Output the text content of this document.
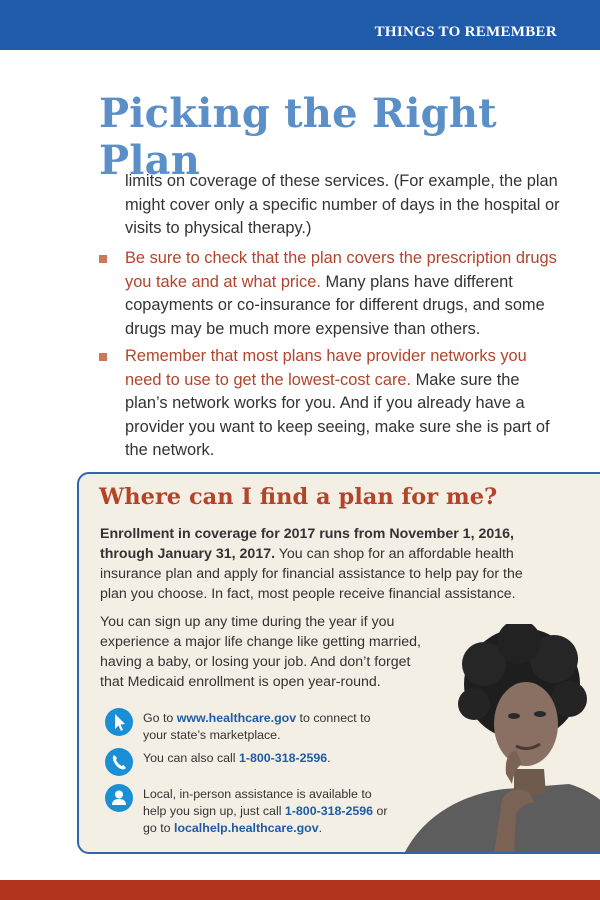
THINGS TO REMEMBER
Picking the Right Plan
limits on coverage of these services. (For example, the plan might cover only a specific number of days in the hospital or visits to physical therapy.)
Be sure to check that the plan covers the prescription drugs you take and at what price. Many plans have different copayments or co-insurance for different drugs, and some drugs may be much more expensive than others.
Remember that most plans have provider networks you need to use to get the lowest-cost care. Make sure the plan’s network works for you. And if you already have a provider you want to keep seeing, make sure she is part of the network.
Where can I find a plan for me?
Enrollment in coverage for 2017 runs from November 1, 2016, through January 31, 2017. You can shop for an affordable health insurance plan and apply for financial assistance to help pay for the plan you choose. In fact, most people receive financial assistance.
You can sign up any time during the year if you experience a major life change like getting married, having a baby, or losing your job. And don’t forget that Medicaid enrollment is open year-round.
Go to www.healthcare.gov to connect to your state’s marketplace.
You can also call 1-800-318-2596.
Local, in-person assistance is available to help you sign up, just call 1-800-318-2596 or go to localhelp.healthcare.gov.
